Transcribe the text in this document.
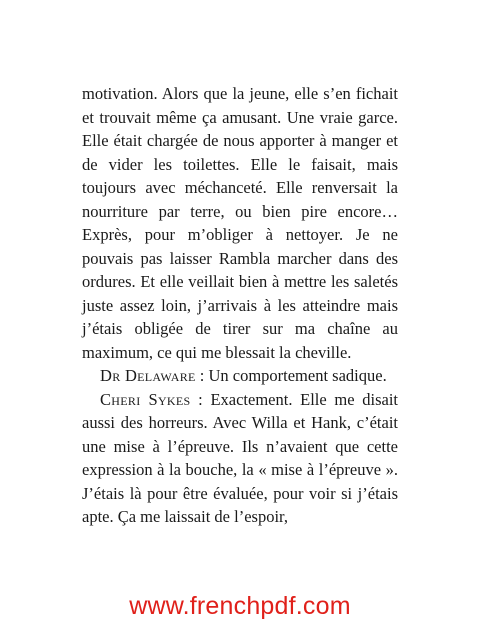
motivation. Alors que la jeune, elle s’en fichait et trouvait même ça amusant. Une vraie garce. Elle était chargée de nous apporter à manger et de vider les toilettes. Elle le faisait, mais toujours avec méchanceté. Elle renversait la nourriture par terre, ou bien pire encore… Exprès, pour m’obliger à nettoyer. Je ne pouvais pas laisser Rambla marcher dans des ordures. Et elle veillait bien à mettre les saletés juste assez loin, j’arrivais à les atteindre mais j’étais obligée de tirer sur ma chaîne au maximum, ce qui me blessait la cheville.

Dr Delaware : Un comportement sadique.

Cheri Sykes : Exactement. Elle me disait aussi des horreurs. Avec Willa et Hank, c’était une mise à l’épreuve. Ils n’avaient que cette expression à la bouche, la « mise à l’épreuve ». J’étais là pour être évaluée, pour voir si j’étais apte. Ça me laissait de l’espoir,

www.frenchpdf.com
